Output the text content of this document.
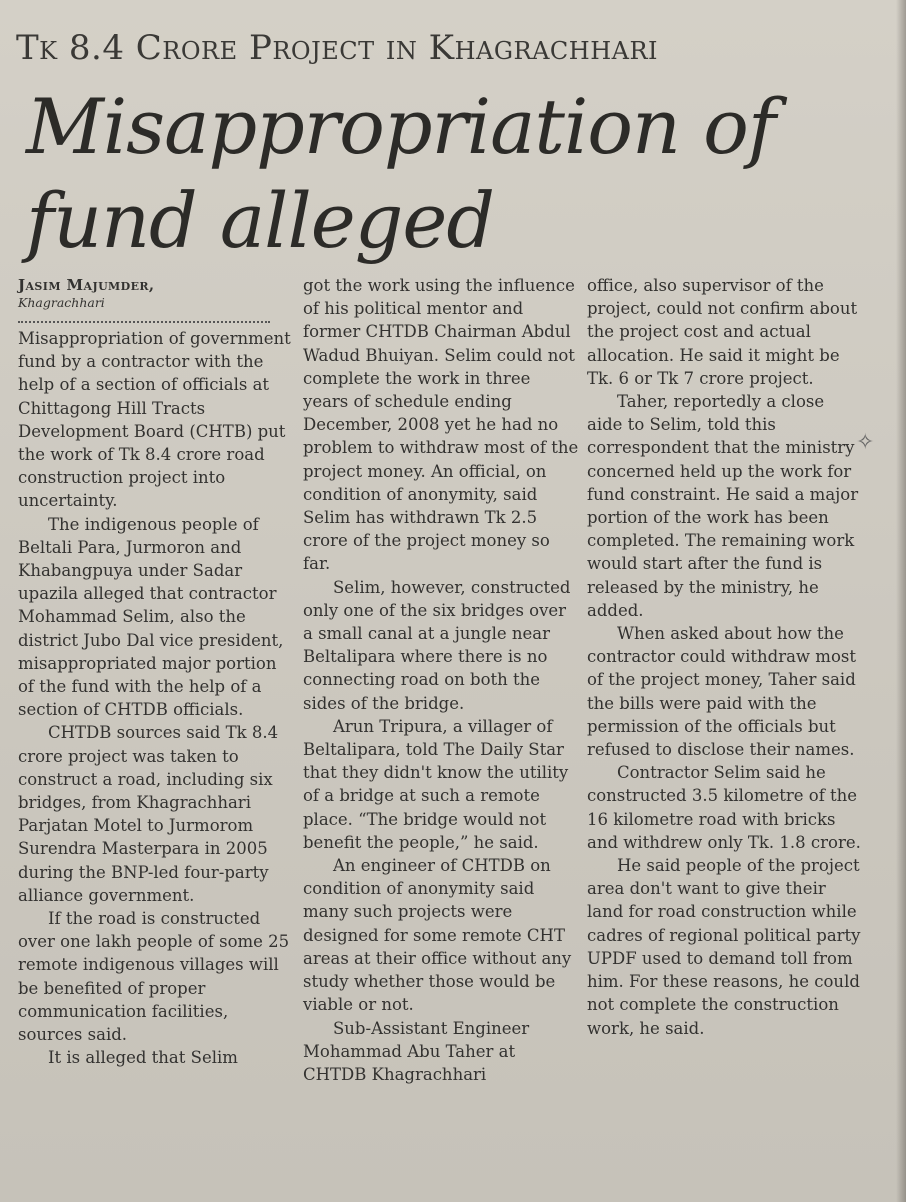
Tk 8.4 Crore Project in Khagrachhari
Misappropriation of fund alleged
Jasim Majumder,
Khagrachhari

Misappropriation of government fund by a contractor with the help of a section of officials at Chittagong Hill Tracts Development Board (CHTB) put the work of Tk 8.4 crore road construction project into uncertainty.

The indigenous people of Beltali Para, Jurmoron and Khabangpuya under Sadar upazila alleged that contractor Mohammad Selim, also the district Jubo Dal vice president, misappropriated major portion of the fund with the help of a section of CHTDB officials.

CHTDB sources said Tk 8.4 crore project was taken to construct a road, including six bridges, from Khagrachhari Parjatan Motel to Jurmorom Surendra Masterpara in 2005 during the BNP-led four-party alliance government.

If the road is constructed over one lakh people of some 25 remote indigenous villages will be benefited of proper communication facilities, sources said.

It is alleged that Selim

got the work using the influence of his political mentor and former CHTDB Chairman Abdul Wadud Bhuiyan. Selim could not complete the work in three years of schedule ending December, 2008 yet he had no problem to withdraw most of the project money. An official, on condition of anonymity, said Selim has withdrawn Tk 2.5 crore of the project money so far.

Selim, however, constructed only one of the six bridges over a small canal at a jungle near Beltalipara where there is no connecting road on both the sides of the bridge.

Arun Tripura, a villager of Beltalipara, told The Daily Star that they didn't know the utility of a bridge at such a remote place. “The bridge would not benefit the people,” he said.

An engineer of CHTDB on condition of anonymity said many such projects were designed for some remote CHT areas at their office without any study whether those would be viable or not.

Sub-Assistant Engineer Mohammad Abu Taher at CHTDB Khagrachhari

office, also supervisor of the project, could not confirm about the project cost and actual allocation. He said it might be Tk. 6 or Tk 7 crore project.

Taher, reportedly a close aide to Selim, told this correspondent that the ministry concerned held up the work for fund constraint. He said a major portion of the work has been completed. The remaining work would start after the fund is released by the ministry, he added.

When asked about how the contractor could withdraw most of the project money, Taher said the bills were paid with the permission of the officials but refused to disclose their names.

Contractor Selim said he constructed 3.5 kilometre of the 16 kilometre road with bricks and withdrew only Tk. 1.8 crore.

He said people of the project area don't want to give their land for road construction while cadres of regional political party UPDF used to demand toll from him. For these reasons, he could not complete the construction work, he said.

✧
